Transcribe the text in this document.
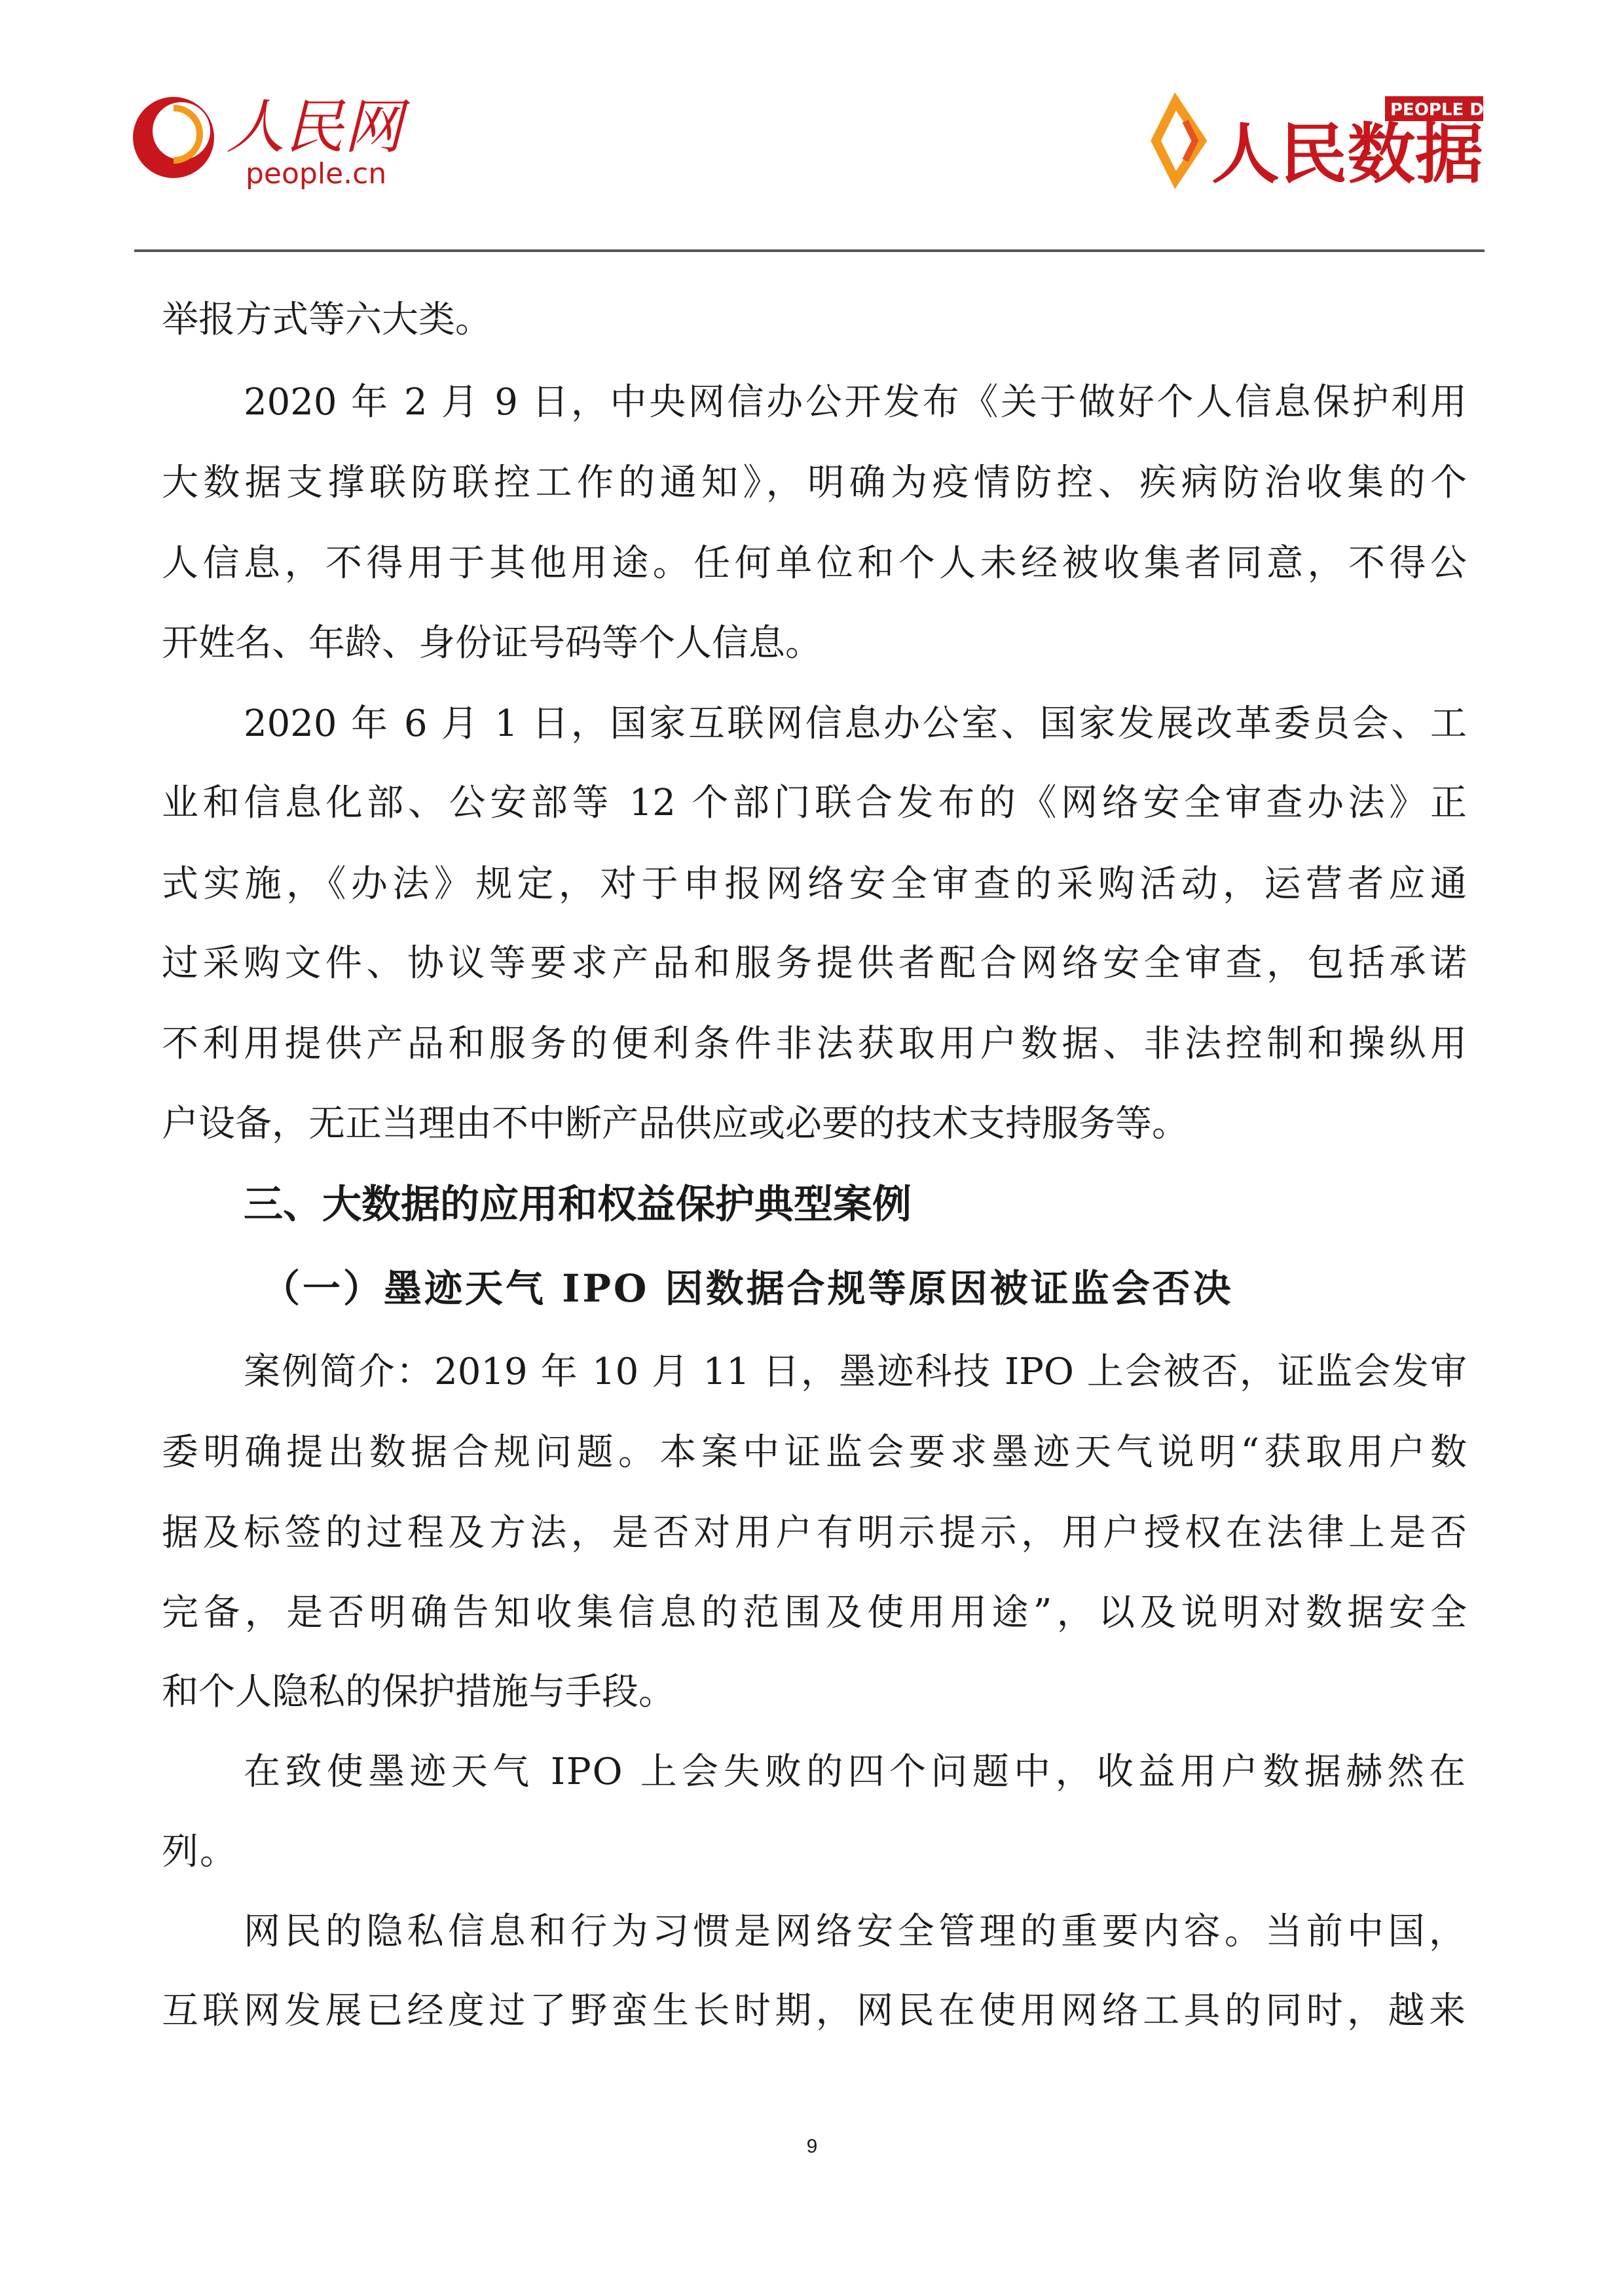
人民网
people.cn
PEOPLE DATA
人民数据
举报方式等六大类。
2020 年 2 月 9 日，中央网信办公开发布《关于做好个人信息保护利用
大数据支撑联防联控工作的通知》，明确为疫情防控、疾病防治收集的个
人信息，不得用于其他用途。任何单位和个人未经被收集者同意，不得公
开姓名、年龄、身份证号码等个人信息。
2020 年 6 月 1 日，国家互联网信息办公室、国家发展改革委员会、工
业和信息化部、公安部等 12 个部门联合发布的《网络安全审查办法》正
式实施，《办法》规定，对于申报网络安全审查的采购活动，运营者应通
过采购文件、协议等要求产品和服务提供者配合网络安全审查，包括承诺
不利用提供产品和服务的便利条件非法获取用户数据、非法控制和操纵用
户设备，无正当理由不中断产品供应或必要的技术支持服务等。
三、大数据的应用和权益保护典型案例
（一）墨迹天气 IPO 因数据合规等原因被证监会否决
案例简介：2019 年 10 月 11 日，墨迹科技 IPO 上会被否，证监会发审
委明确提出数据合规问题。本案中证监会要求墨迹天气说明“获取用户数
据及标签的过程及方法，是否对用户有明示提示，用户授权在法律上是否
完备，是否明确告知收集信息的范围及使用用途”，以及说明对数据安全
和个人隐私的保护措施与手段。
在致使墨迹天气 IPO 上会失败的四个问题中，收益用户数据赫然在
列。
网民的隐私信息和行为习惯是网络安全管理的重要内容。当前中国，
互联网发展已经度过了野蛮生长时期，网民在使用网络工具的同时，越来
9
